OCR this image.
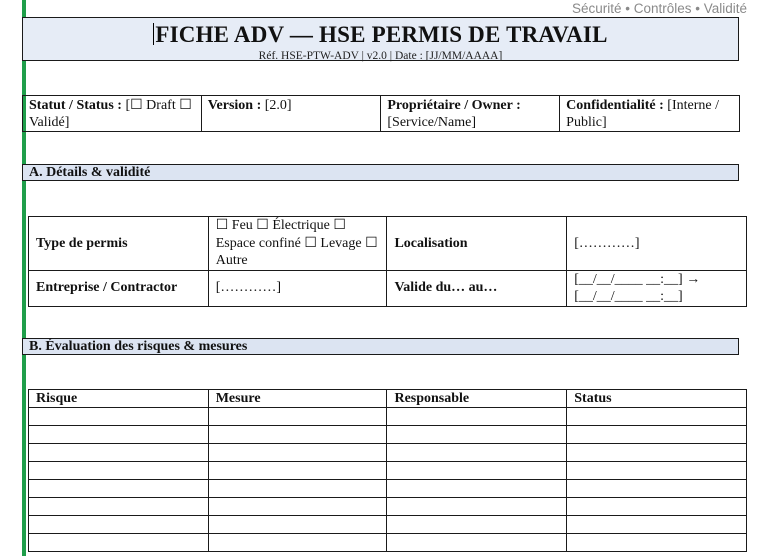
Sécurité • Contrôles • Validité
FICHE ADV — HSE PERMIS DE TRAVAIL
Réf. HSE-PTW-ADV | v2.0 | Date : [JJ/MM/AAAA]
Statut / Status : [☐ Draft ☐ Validé]	Version : [2.0]	Propriétaire / Owner : [Service/Name]	Confidentialité : [Interne / Public]
A. Détails & validité
Type de permis	☐ Feu ☐ Électrique ☐ Espace confiné ☐ Levage ☐ Autre	Localisation	[…………]
Entreprise / Contractor	[…………]	Valide du… au…	[__/__/____ __:__] → [__/__/____ __:__]
B. Évaluation des risques & mesures
Risque	Mesure	Responsable	Status
